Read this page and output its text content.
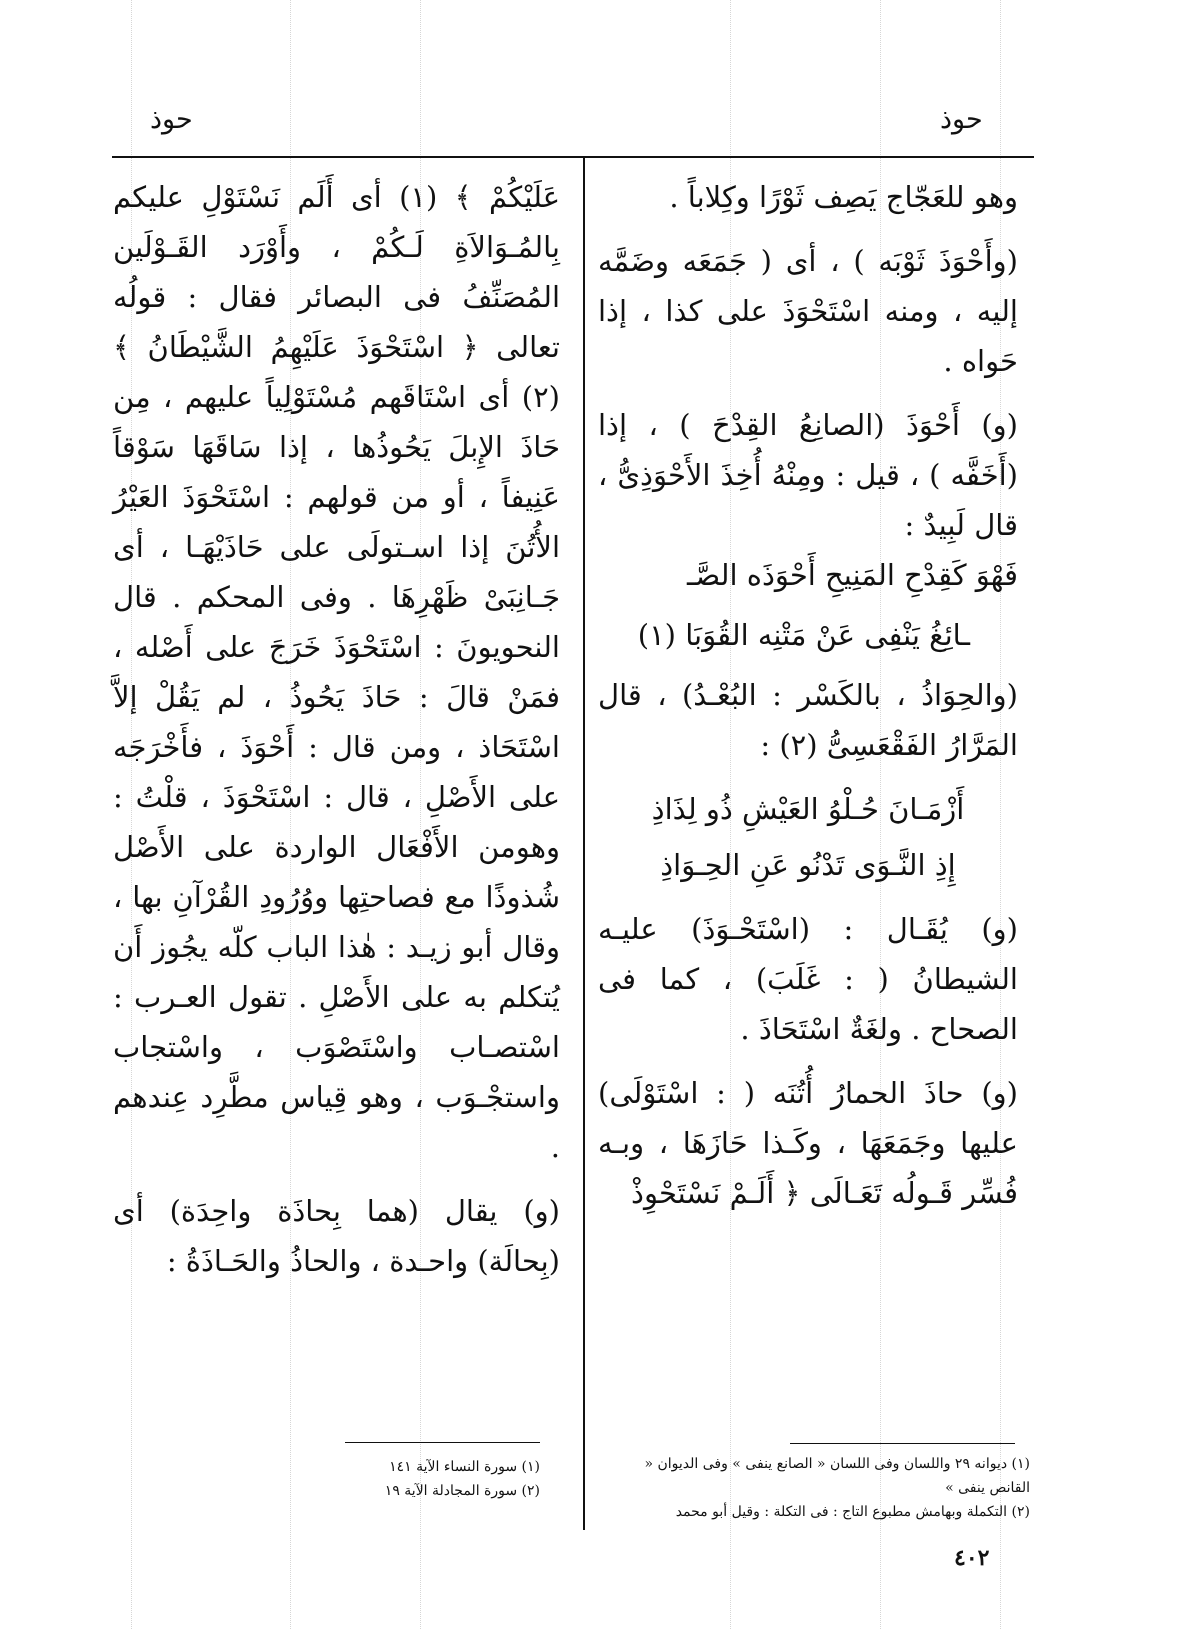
حوذ
حوذ

وهو للعَجّاج يَصِف ثَوْرًا وكِلاباً .

(وأَحْوَذَ ثَوْبَه ) ، أى ( جَمَعَه وضَمَّه إليه ، ومنه اسْتَحْوَذَ على كذا ، إذا حَواه .

(و) أَحْوَذَ (الصانِعُ القِدْحَ ) ، إذا (أَخَفَّه ) ، قيل : ومِنْهُ أُخِذَ الأَحْوَذِىُّ ، قال لَبِيدٌ :

فَهْوَ كَقِدْحِ المَنِيحِ أَحْوَذَه الصَّـ
ـائِغُ يَنْفِى عَنْ مَتْنِه القُوَبَا (١)

(والحِوَاذُ ، بالكَسْر : البُعْـدُ) ، قال المَرَّارُ الفَقْعَسِىُّ (٢) :

أَزْمَـانَ حُـلْوُ العَيْشِ ذُو لِذَاذِ
إِذِ النَّـوَى تَدْنُو عَنِ الحِـوَاذِ

(و) يُقَـال : (اسْتَحْـوَذَ) عليـه الشيطانُ ( : غَلَبَ) ، كما فى الصحاح . ولغَةٌ اسْتَحَاذَ .

(و) حاذَ الحمارُ أُتُنَه ( : اسْتَوْلَى) عليها وجَمَعَهَا ، وكَـذا حَازَهَا ، وبـه فُسِّر قَـولُه تَعَـالَى ﴿ أَلَـمْ نَسْتَحْوِذْ

عَلَيْكُمْ ﴾ (١) أى أَلَم نَسْتَوْلِ عليكم بِالمُـوَالاَةِ لَـكُمْ ، وأَوْرَد القَـوْلَين المُصَنِّفُ فى البصائر فقال : قولُه تعالى ﴿ اسْتَحْوَذَ عَلَيْهِمُ الشَّيْطَانُ ﴾ (٢) أى اسْتَاقَهم مُسْتَوْلِياً عليهم ، مِن حَاذَ الإِبلَ يَحُوذُها ، إذا سَاقَهَا سَوْقاً عَنِيفاً ، أو من قولهم : اسْتَحْوَذَ العَيْرُ الأُتُنَ إذا اسـتولَى على حَاذَيْهَـا ، أى جَـانِبَىْ ظَهْرِهَا . وفى المحكم . قال النحويونَ : اسْتَحْوَذَ خَرَجَ على أَصْله ، فمَنْ قالَ : حَاذَ يَحُوذُ ، لم يَقُلْ إلاَّ اسْتَحَاذ ، ومن قال : أَحْوَذَ ، فأَخْرَجَه على الأَصْلِ ، قال : اسْتَحْوَذَ ، قلْتُ : وهومن الأَفْعَال الواردة على الأَصْل شُذوذًا مع فصاحتِها ووُرُودِ القُرْآنِ بها ، وقال أبو زيـد : هٰذا الباب كلّه يجُوز أَن يُتكلم به على الأَصْلِ . تقول العـرب : اسْتصـاب واسْتَصْوَب ، واسْتجاب واستجْـوَب ، وهو قِياس مطَّرِد عِندهم .

(و) يقال (هما بِحاذَة واحِدَة) أى (بِحالَة) واحـدة ، والحاذُ والحَـاذَةُ :

(١) ديوانه ٢٩ واللسان وفى اللسان « الصانع ينفى » وفى الديوان « القانص ينفى »
(٢) التكملة وبهامش مطبوع التاج : فى التكلة : وقيل أبو محمد
(١) سورة النساء الآية ١٤١
(٢) سورة المجادلة الآية ١٩
٤٠٢
